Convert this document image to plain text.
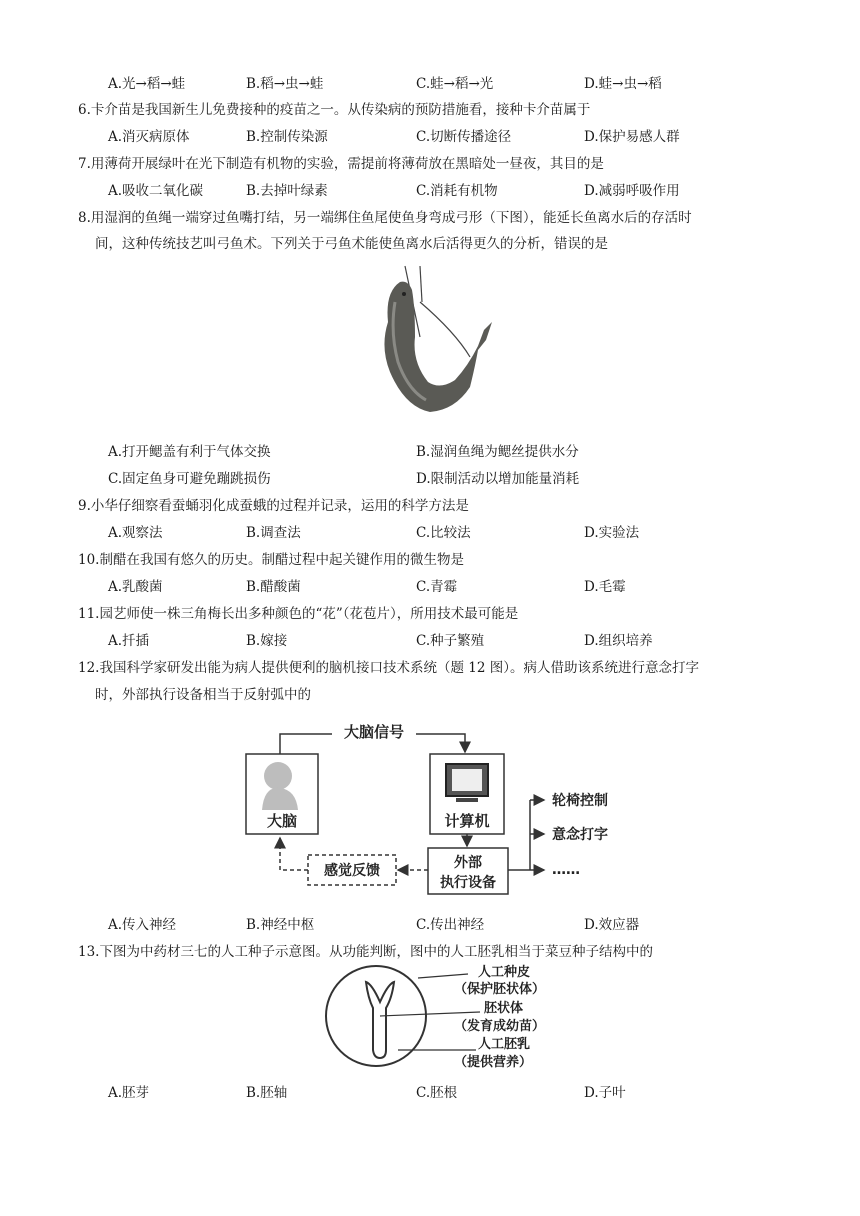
A.光→稻→蛙	B.稻→虫→蛙	C.蛙→稻→光	D.蛙→虫→稻
6.卡介苗是我国新生儿免费接种的疫苗之一。从传染病的预防措施看，接种卡介苗属于
A.消灭病原体	B.控制传染源	C.切断传播途径	D.保护易感人群
7.用薄荷开展绿叶在光下制造有机物的实验，需提前将薄荷放在黑暗处一昼夜，其目的是
A.吸收二氧化碳	B.去掉叶绿素	C.消耗有机物	D.减弱呼吸作用
8.用湿润的鱼绳一端穿过鱼嘴打结，另一端绑住鱼尾使鱼身弯成弓形（下图），能延长鱼离水后的存活时
间，这种传统技艺叫弓鱼术。下列关于弓鱼术能使鱼离水后活得更久的分析，错误的是
A.打开鳃盖有利于气体交换	B.湿润鱼绳为鳃丝提供水分
C.固定鱼身可避免蹦跳损伤	D.限制活动以增加能量消耗
9.小华仔细察看蚕蛹羽化成蚕蛾的过程并记录，运用的科学方法是
A.观察法	B.调查法	C.比较法	D.实验法
10.制醋在我国有悠久的历史。制醋过程中起关键作用的微生物是
A.乳酸菌	B.醋酸菌	C.青霉	D.毛霉
11.园艺师使一株三角梅长出多种颜色的“花”（花苞片），所用技术最可能是
A.扦插	B.嫁接	C.种子繁殖	D.组织培养
12.我国科学家研发出能为病人提供便利的脑机接口技术系统（题 12 图）。病人借助该系统进行意念打字
时，外部执行设备相当于反射弧中的
大脑信号
大脑	计算机
外部
执行设备
感觉反馈
轮椅控制
意念打字
……
A.传入神经	B.神经中枢	C.传出神经	D.效应器
13.下图为中药材三七的人工种子示意图。从功能判断，图中的人工胚乳相当于菜豆种子结构中的
人工种皮
（保护胚状体）
胚状体
（发育成幼苗）
人工胚乳
（提供营养）
A.胚芽	B.胚轴	C.胚根	D.子叶
